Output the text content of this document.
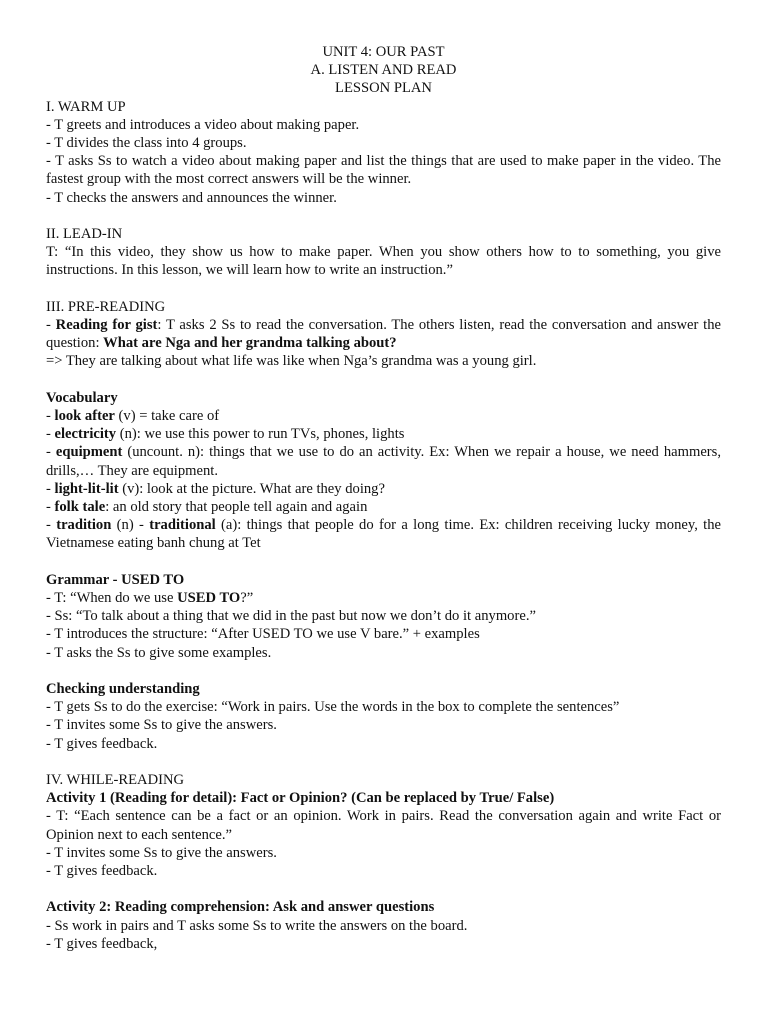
UNIT 4: OUR PAST
A. LISTEN AND READ
LESSON PLAN

I. WARM UP

- T greets and introduces a video about making paper.

- T divides the class into 4 groups.

- T asks Ss to watch a video about making paper and list the things that are used to make paper in the video. The fastest group with the most correct answers will be the winner.

- T checks the answers and announces the winner.

II. LEAD-IN

T: “In this video, they show us how to make paper. When you show others how to to something, you give instructions. In this lesson, we will learn how to write an instruction.”

III. PRE-READING

- Reading for gist: T asks 2 Ss to read the conversation. The others listen, read the conversation and answer the question: What are Nga and her grandma talking about?

=> They are talking about what life was like when Nga’s grandma was a young girl.

Vocabulary

- look after (v) = take care of

- electricity (n): we use this power to run TVs, phones, lights

- equipment (uncount. n): things that we use to do an activity. Ex: When we repair a house, we need hammers, drills,… They are equipment.

- light-lit-lit (v): look at the picture. What are they doing?

- folk tale: an old story that people tell again and again

- tradition (n) - traditional (a): things that people do for a long time. Ex: children receiving lucky money, the Vietnamese eating banh chung at Tet

Grammar - USED TO

- T: “When do we use USED TO?”

- Ss: “To talk about a thing that we did in the past but now we don’t do it anymore.”

- T introduces the structure: “After USED TO we use V bare.” + examples

- T asks the Ss to give some examples.

Checking understanding

- T gets Ss to do the exercise: “Work in pairs. Use the words in the box to complete the sentences”

- T invites some Ss to give the answers.

- T gives feedback.

IV. WHILE-READING

Activity 1 (Reading for detail): Fact or Opinion? (Can be replaced by True/ False)

- T: “Each sentence can be a fact or an opinion. Work in pairs. Read the conversation again and write Fact or Opinion next to each sentence.”

- T invites some Ss to give the answers.

- T gives feedback.

Activity 2: Reading comprehension: Ask and answer questions

- Ss work in pairs and T asks some Ss to write the answers on the board.

- T gives feedback,
